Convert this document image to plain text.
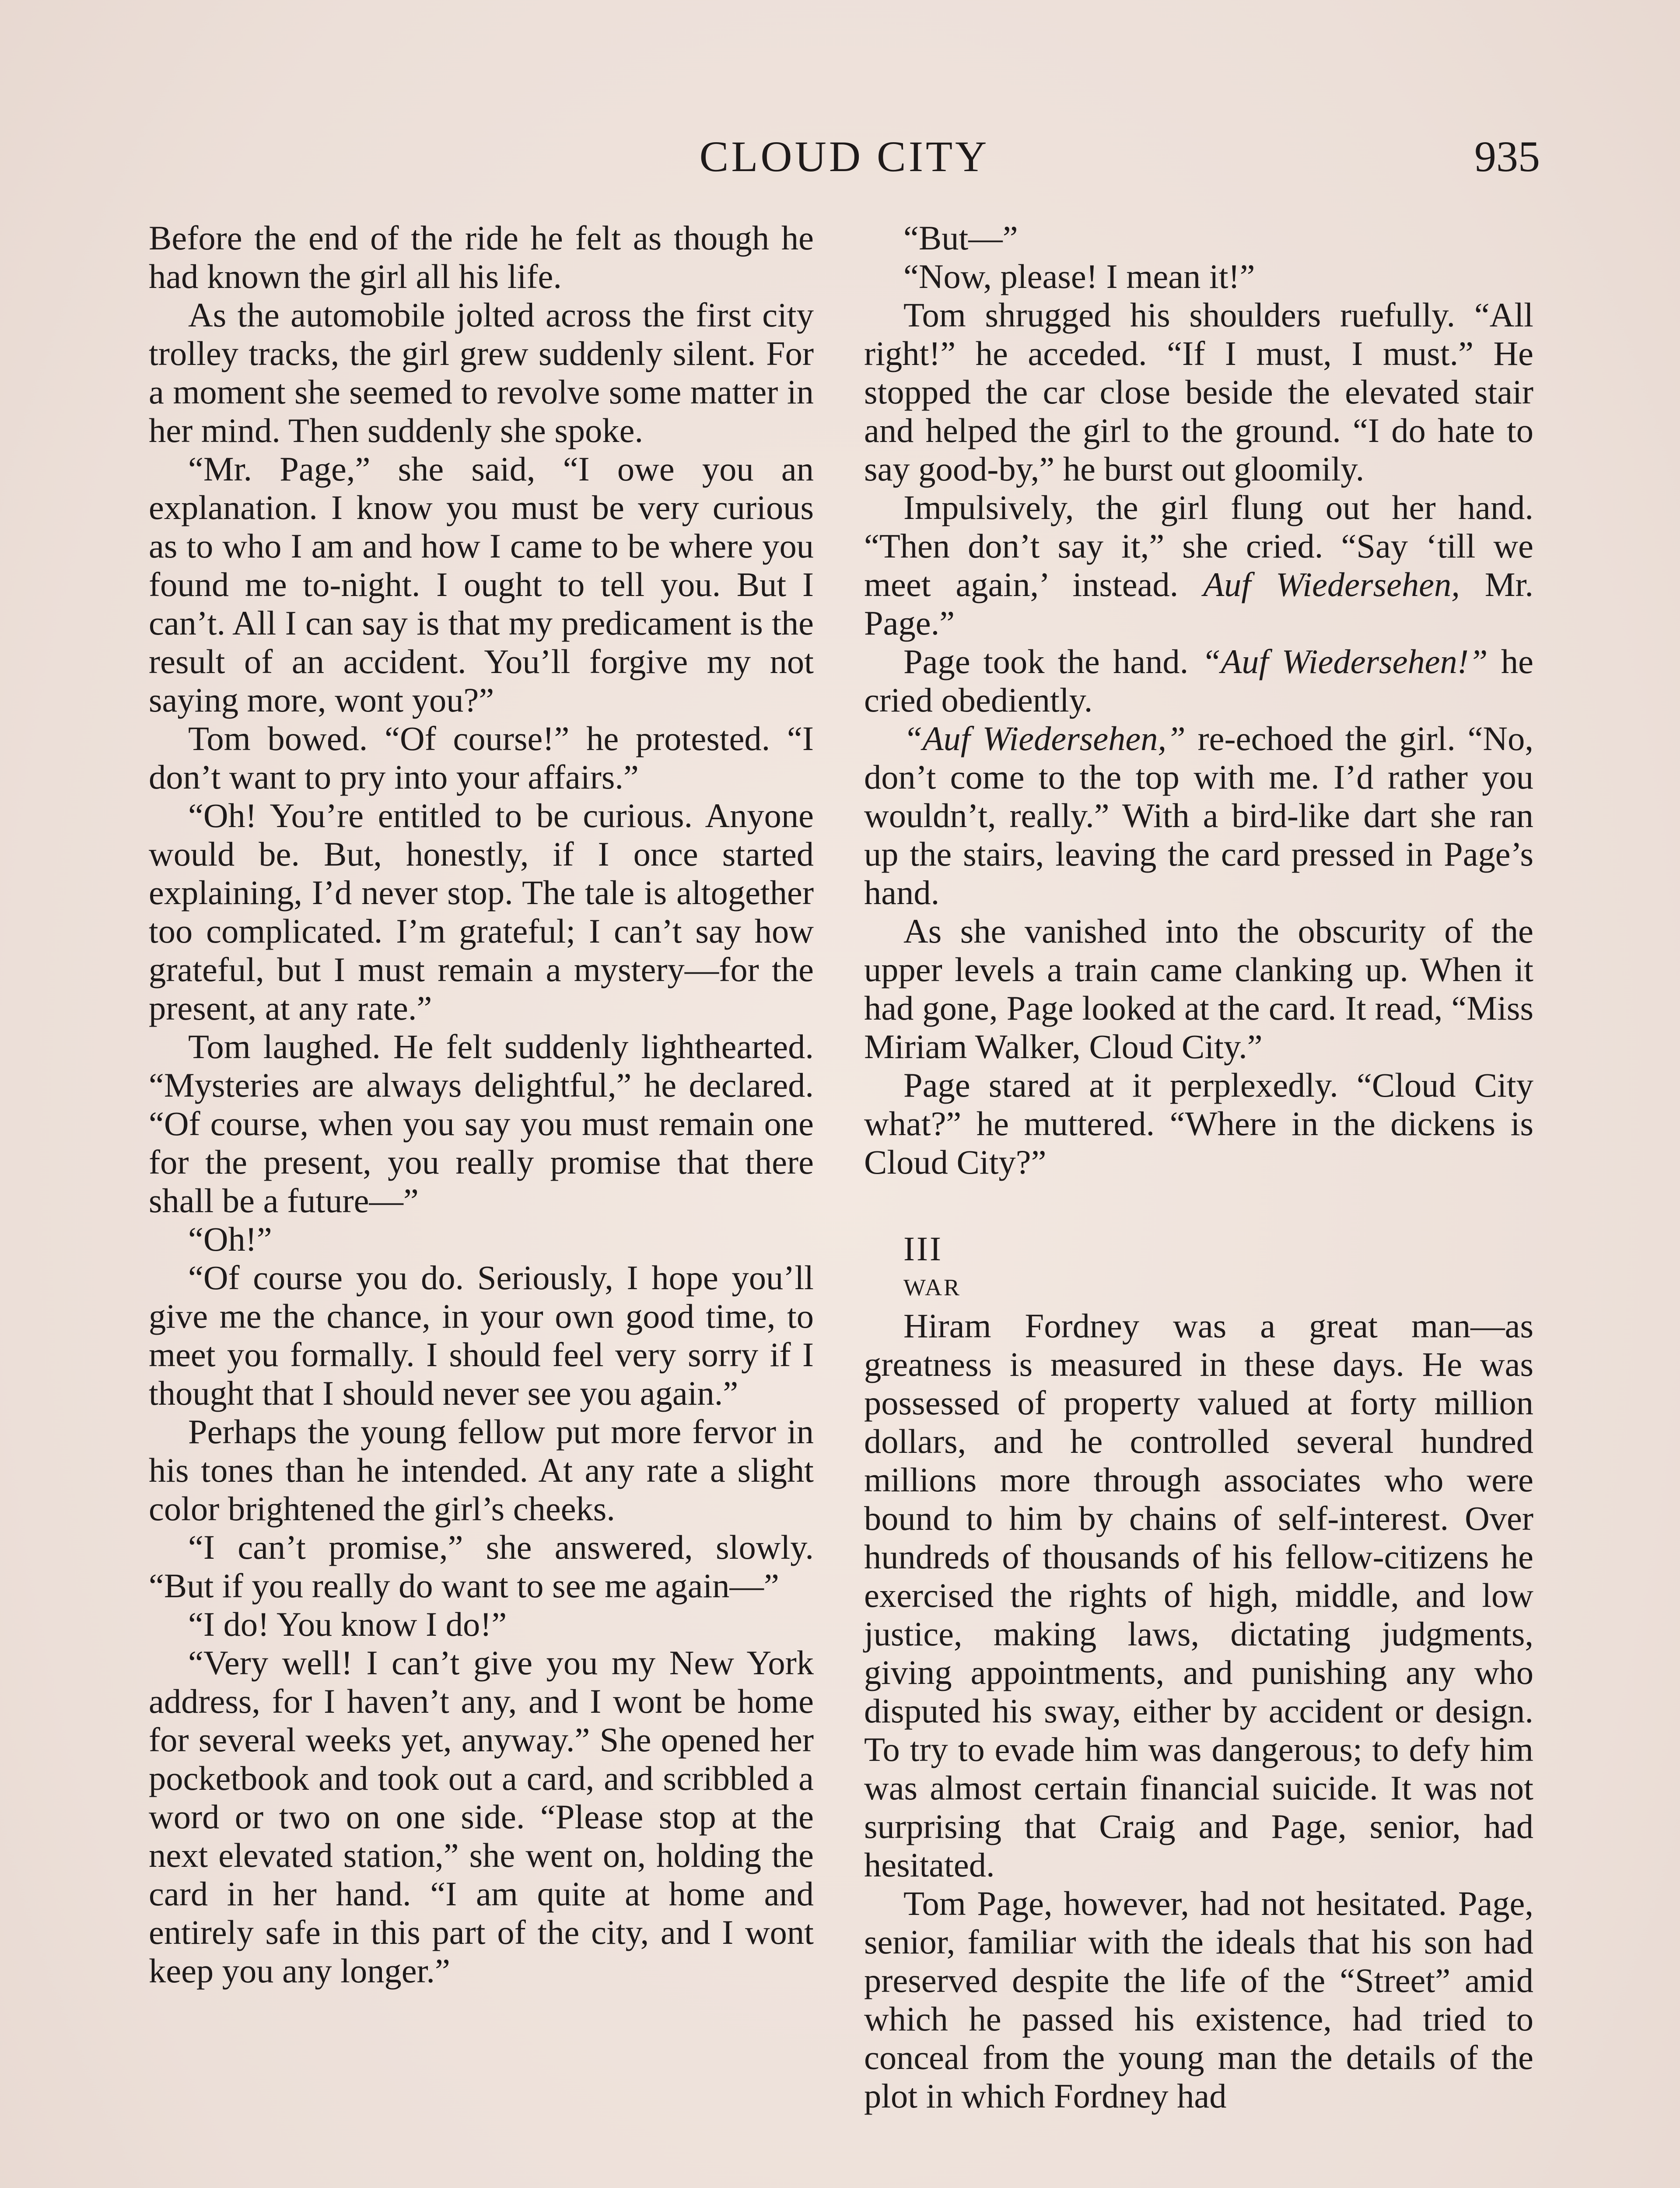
CLOUD CITY	935

Before the end of the ride he felt as though he had known the girl all his life.

As the automobile jolted across the first city trolley tracks, the girl grew suddenly silent. For a moment she seemed to revolve some matter in her mind. Then suddenly she spoke.

“Mr. Page,” she said, “I owe you an explanation. I know you must be very curious as to who I am and how I came to be where you found me to-night. I ought to tell you. But I can’t. All I can say is that my predicament is the result of an accident. You’ll forgive my not saying more, wont you?”

Tom bowed. “Of course!” he protested. “I don’t want to pry into your affairs.”

“Oh! You’re entitled to be curious. Anyone would be. But, honestly, if I once started explaining, I’d never stop. The tale is altogether too complicated. I’m grateful; I can’t say how grateful, but I must remain a mystery—for the present, at any rate.”

Tom laughed. He felt suddenly lighthearted. “Mysteries are always delightful,” he declared. “Of course, when you say you must remain one for the present, you really promise that there shall be a future—”

“Oh!”

“Of course you do. Seriously, I hope you’ll give me the chance, in your own good time, to meet you formally. I should feel very sorry if I thought that I should never see you again.”

Perhaps the young fellow put more fervor in his tones than he intended. At any rate a slight color brightened the girl’s cheeks.

“I can’t promise,” she answered, slowly. “But if you really do want to see me again—”

“I do! You know I do!”

“Very well! I can’t give you my New York address, for I haven’t any, and I wont be home for several weeks yet, anyway.” She opened her pocketbook and took out a card, and scribbled a word or two on one side. “Please stop at the next elevated station,” she went on, holding the card in her hand. “I am quite at home and entirely safe in this part of the city, and I wont keep you any longer.”

“But—”

“Now, please! I mean it!”

Tom shrugged his shoulders ruefully. “All right!” he acceded. “If I must, I must.” He stopped the car close beside the elevated stair and helped the girl to the ground. “I do hate to say good-by,” he burst out gloomily.

Impulsively, the girl flung out her hand. “Then don’t say it,” she cried. “Say ‘till we meet again,’ instead. Auf Wiedersehen, Mr. Page.”

Page took the hand. “Auf Wiedersehen!” he cried obediently.

“Auf Wiedersehen,” re-echoed the girl. “No, don’t come to the top with me. I’d rather you wouldn’t, really.” With a bird-like dart she ran up the stairs, leaving the card pressed in Page’s hand.

As she vanished into the obscurity of the upper levels a train came clanking up. When it had gone, Page looked at the card. It read, “Miss Miriam Walker, Cloud City.”

Page stared at it perplexedly. “Cloud City what?” he muttered. “Where in the dickens is Cloud City?”

III

WAR

Hiram Fordney was a great man—as greatness is measured in these days. He was possessed of property valued at forty million dollars, and he controlled several hundred millions more through associates who were bound to him by chains of self-interest. Over hundreds of thousands of his fellow-citizens he exercised the rights of high, middle, and low justice, making laws, dictating judgments, giving appointments, and punishing any who disputed his sway, either by accident or design. To try to evade him was dangerous; to defy him was almost certain financial suicide. It was not surprising that Craig and Page, senior, had hesitated.

Tom Page, however, had not hesitated. Page, senior, familiar with the ideals that his son had preserved despite the life of the “Street” amid which he passed his existence, had tried to conceal from the young man the details of the plot in which Fordney had
